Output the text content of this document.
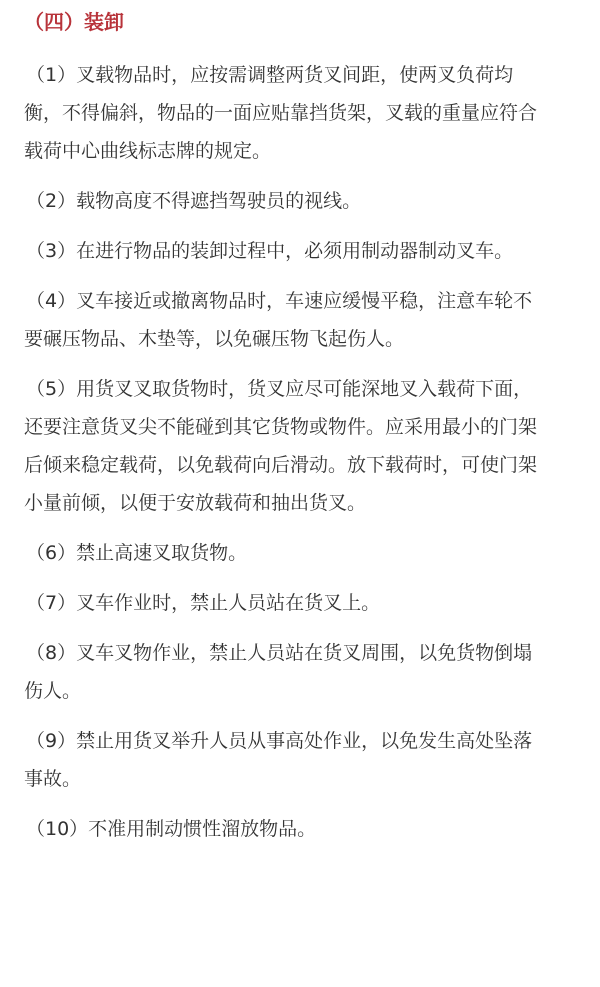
（四）装卸
（1）叉载物品时，应按需调整两货叉间距，使两叉负荷均
衡，不得偏斜，物品的一面应贴靠挡货架，叉载的重量应符合
载荷中心曲线标志牌的规定。
（2）载物高度不得遮挡驾驶员的视线。
（3）在进行物品的装卸过程中，必须用制动器制动叉车。
（4）叉车接近或撤离物品时，车速应缓慢平稳，注意车轮不
要碾压物品、木垫等，以免碾压物飞起伤人。
（5）用货叉叉取货物时，货叉应尽可能深地叉入载荷下面，
还要注意货叉尖不能碰到其它货物或物件。应采用最小的门架
后倾来稳定载荷，以免载荷向后滑动。放下载荷时，可使门架
小量前倾，以便于安放载荷和抽出货叉。
（6）禁止高速叉取货物。
（7）叉车作业时，禁止人员站在货叉上。
（8）叉车叉物作业，禁止人员站在货叉周围，以免货物倒塌
伤人。
（9）禁止用货叉举升人员从事高处作业，以免发生高处坠落
事故。
（10）不准用制动惯性溜放物品。
